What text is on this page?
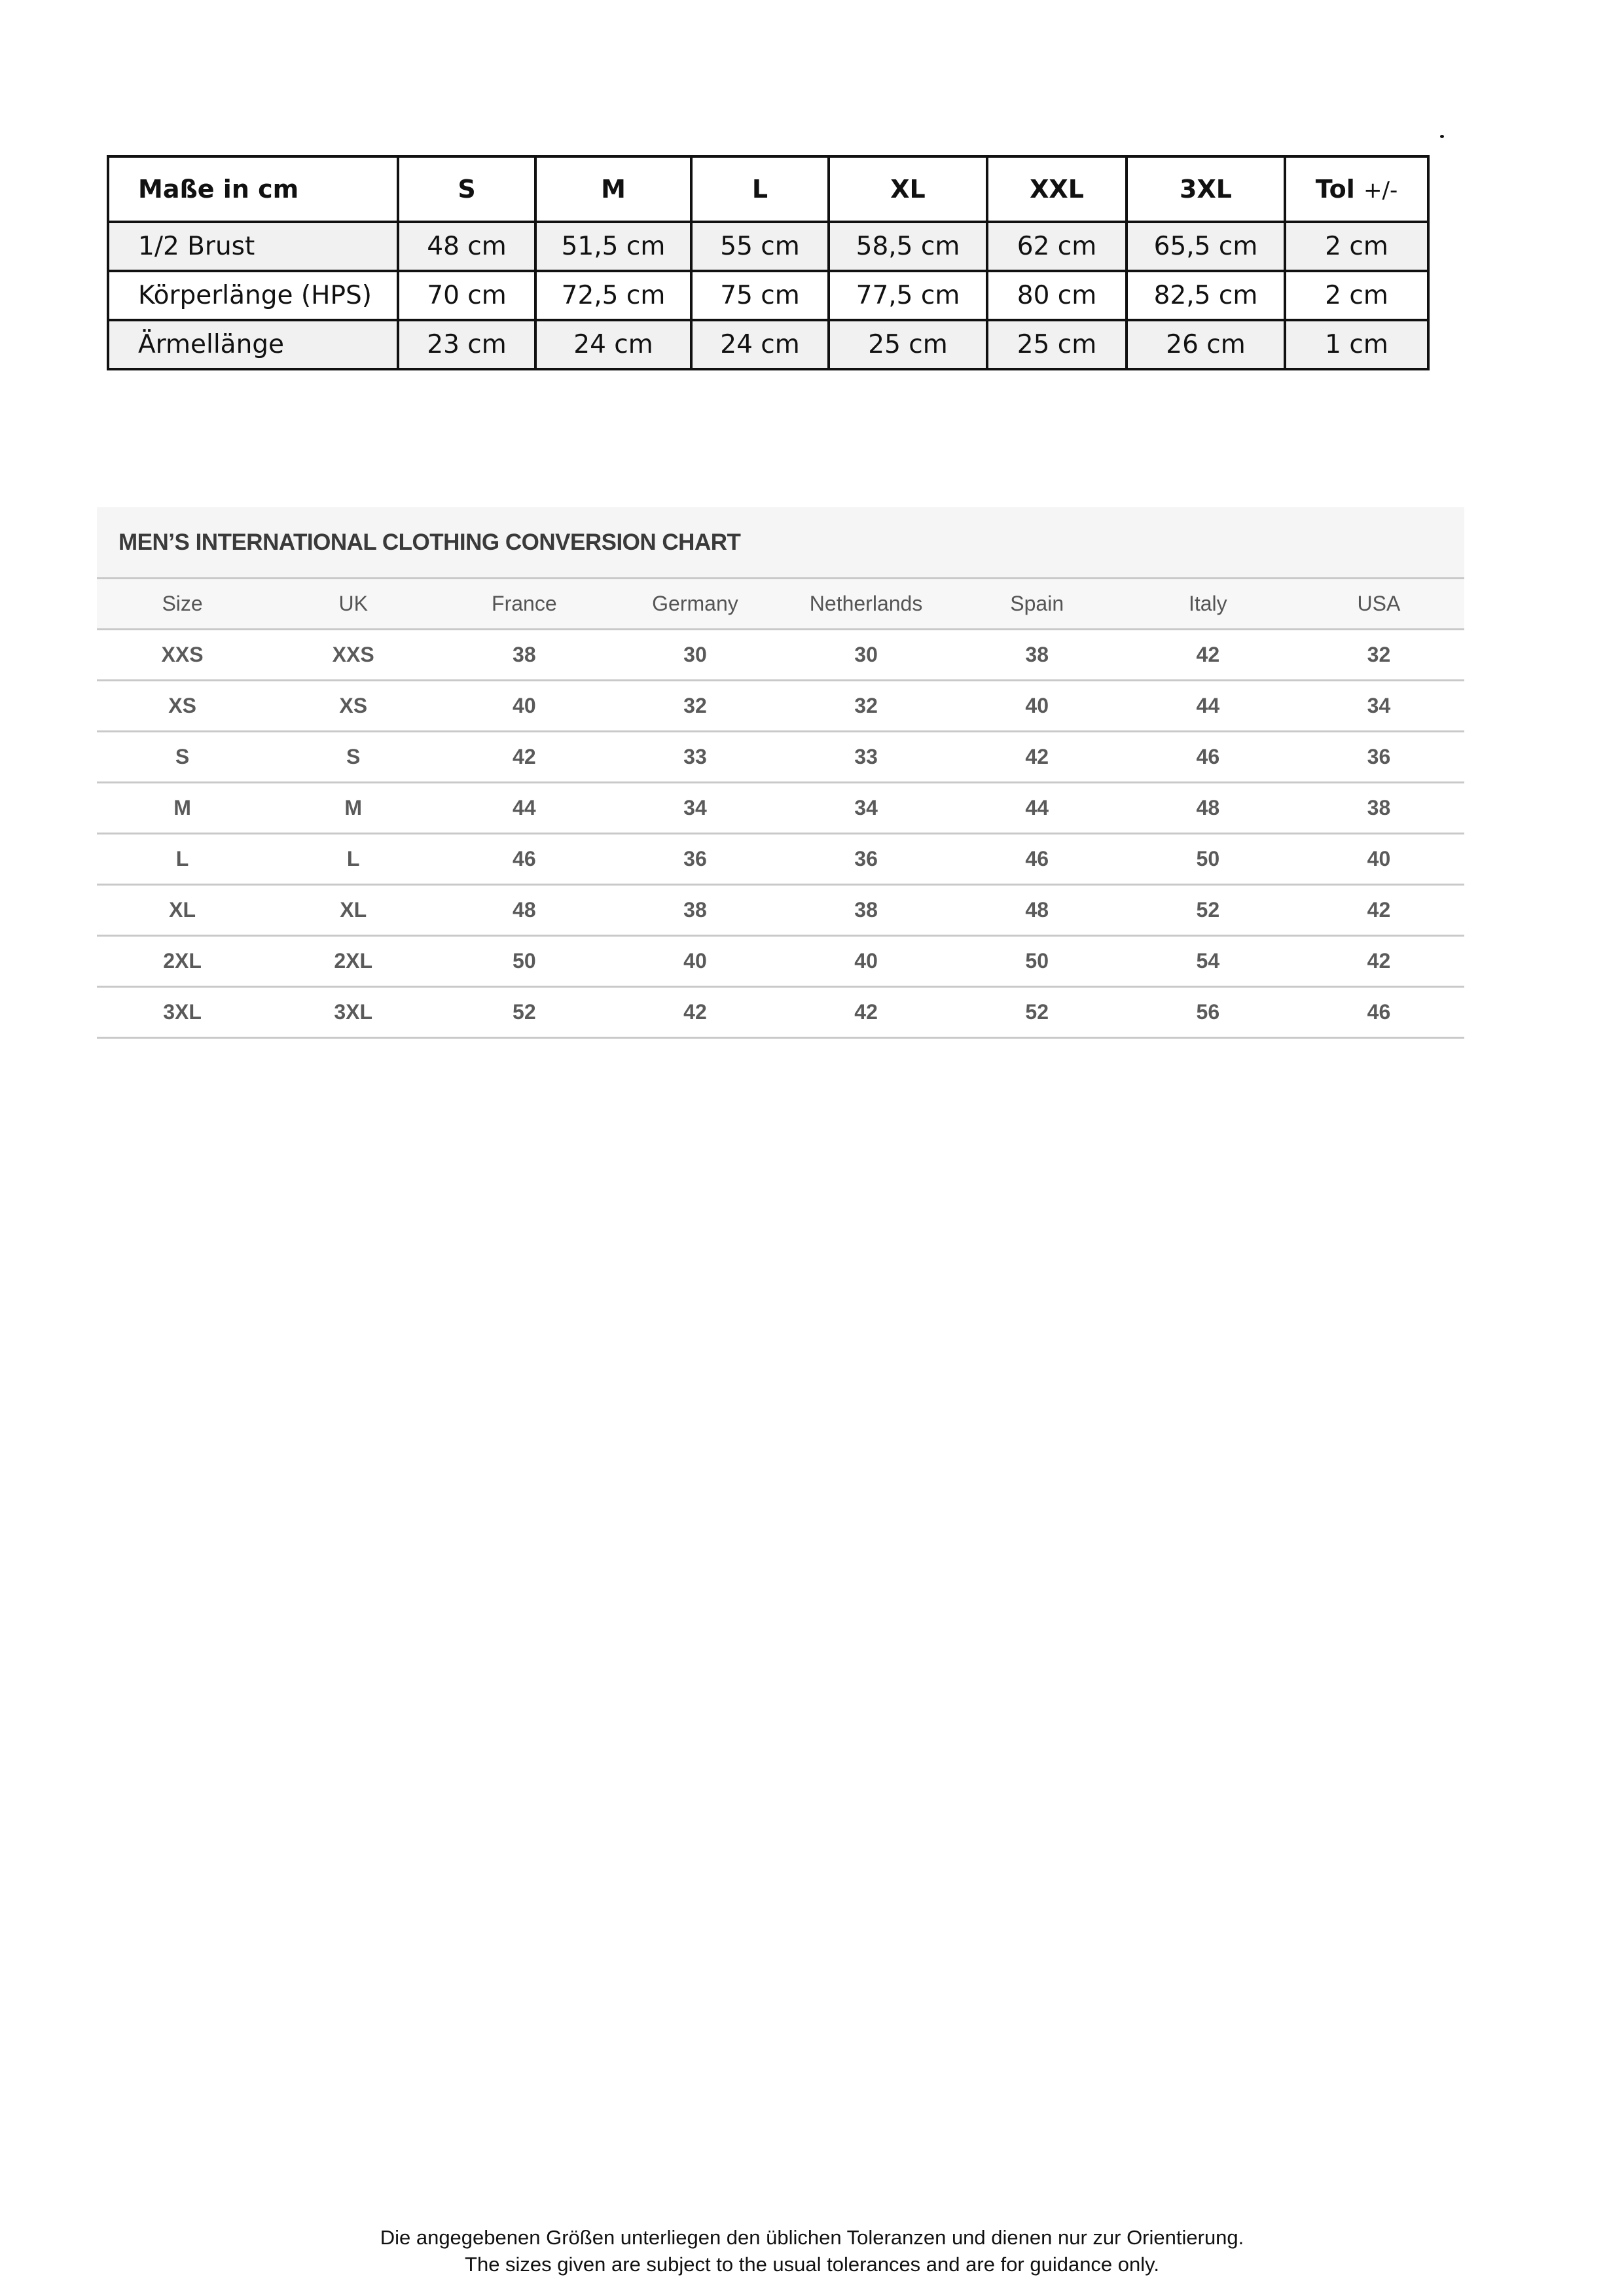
Maße in cm	S	M	L	XL	XXL	3XL	Tol +/-
1/2 Brust	48 cm	51,5 cm	55 cm	58,5 cm	62 cm	65,5 cm	2 cm
Körperlänge (HPS)	70 cm	72,5 cm	75 cm	77,5 cm	80 cm	82,5 cm	2 cm
Ärmellänge	23 cm	24 cm	24 cm	25 cm	25 cm	26 cm	1 cm
MEN’S INTERNATIONAL CLOTHING CONVERSION CHART
Size	UK	France	Germany	Netherlands	Spain	Italy	USA
XXS	XXS	38	30	30	38	42	32
XS	XS	40	32	32	40	44	34
S	S	42	33	33	42	46	36
M	M	44	34	34	44	48	38
L	L	46	36	36	46	50	40
XL	XL	48	38	38	48	52	42
2XL	2XL	50	40	40	50	54	42
3XL	3XL	52	42	42	52	56	46
Die angegebenen Größen unterliegen den üblichen Toleranzen und dienen nur zur Orientierung.
The sizes given are subject to the usual tolerances and are for guidance only.
